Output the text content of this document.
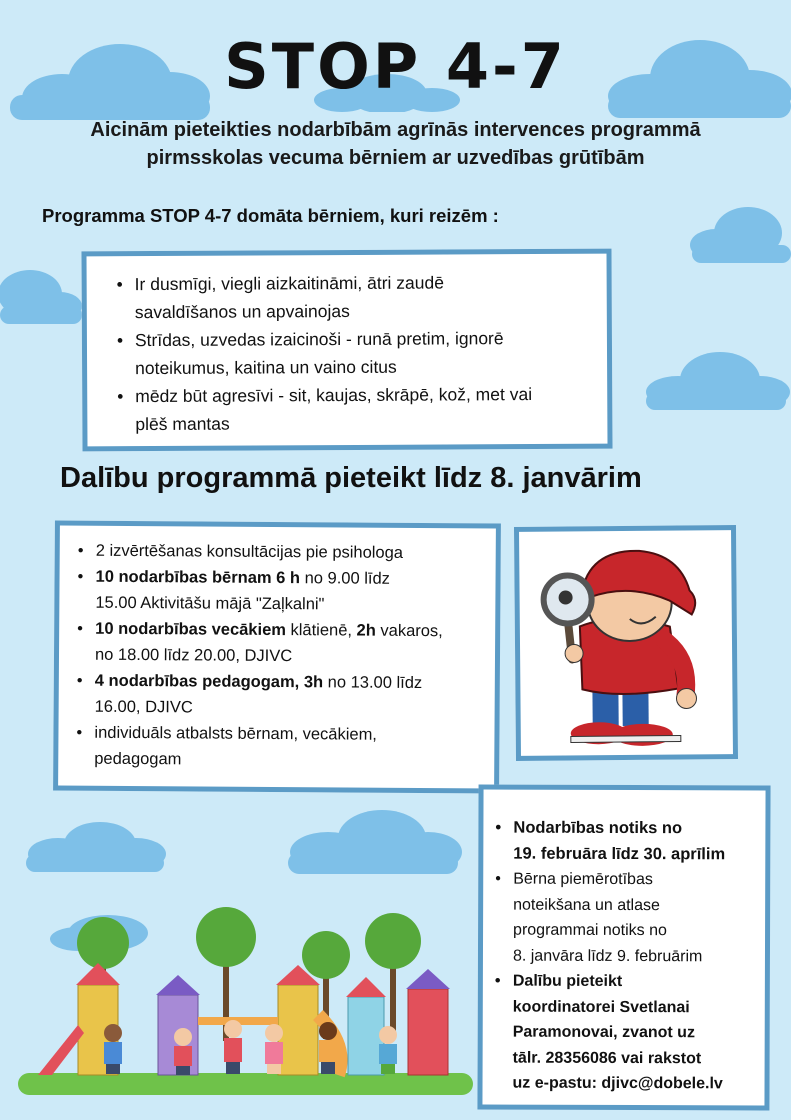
STOP 4-7
Aicinām pieteikties nodarbībām agrīnās intervences programmā
pirmsskolas vecuma bērniem ar uzvedības grūtībām
Programma STOP 4-7 domāta bērniem, kuri reizēm :
• Ir dusmīgi, viegli aizkaitināmi, ātri zaudē
savaldīšanos un apvainojas
• Strīdas, uzvedas izaicinoši - runā pretim, ignorē
noteikumus, kaitina un vaino citus
• mēdz būt agresīvi - sit, kaujas, skrāpē, kož, met vai
plēš mantas
Dalību programmā pieteikt līdz 8. janvārim
• 2 izvērtēšanas konsultācijas pie psihologa
• 10 nodarbības bērnam 6 h no 9.00 līdz
15.00 Aktivitāšu mājā "Zaļkalni"
• 10 nodarbības vecākiem klātienē, 2h vakaros,
no 18.00 līdz 20.00, DJIVC
• 4 nodarbības pedagogam, 3h no 13.00 līdz
16.00, DJIVC
• individuāls atbalsts bērnam, vecākiem,
pedagogam
• Nodarbības notiks no
19. februāra līdz 30. aprīlim
• Bērna piemērotības
noteikšana un atlase
programmai notiks no
8. janvāra līdz 9. februārim
• Dalību pieteikt
koordinatorei Svetlanai
Paramonovai, zvanot uz
tālr. 28356086 vai rakstot
uz e-pastu: djivc@dobele.lv
